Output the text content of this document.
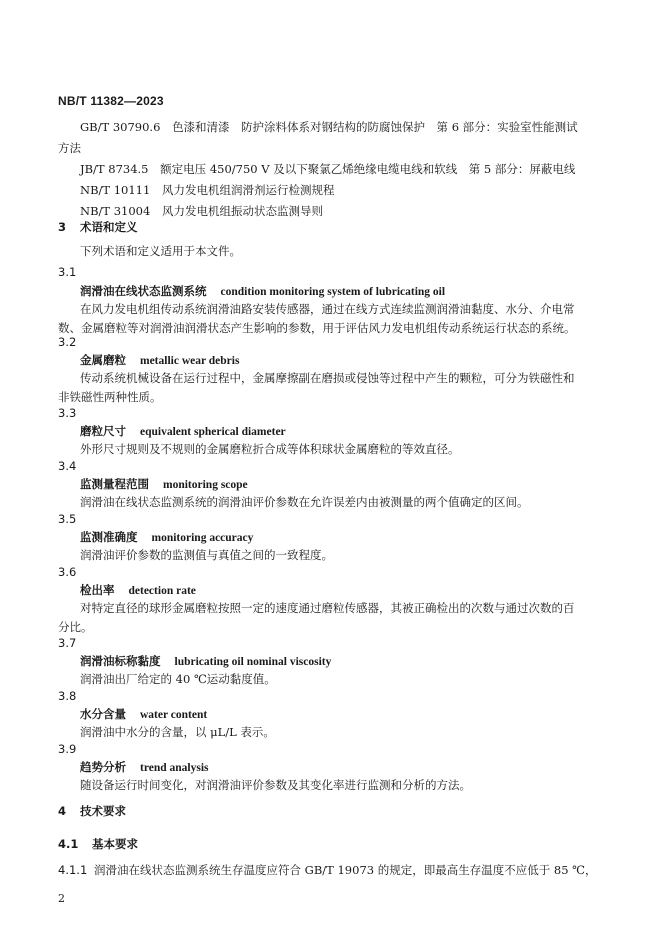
NB/T 11382—2023
GB/T 30790.6 色漆和清漆　防护涂料体系对钢结构的防腐蚀保护　第 6 部分：实验室性能测试
方法
JB/T 8734.5 额定电压 450/750 V 及以下聚氯乙烯绝缘电缆电线和软线　第 5 部分：屏蔽电线
NB/T 10111 风力发电机组润滑剂运行检测规程
NB/T 31004 风力发电机组振动状态监测导则
3 术语和定义
下列术语和定义适用于本文件。
3.1
润滑油在线状态监测系统 condition monitoring system of lubricating oil
在风力发电机组传动系统润滑油路安装传感器，通过在线方式连续监测润滑油黏度、水分、介电常
数、金属磨粒等对润滑油润滑状态产生影响的参数，用于评估风力发电机组传动系统运行状态的系统。
3.2
金属磨粒 metallic wear debris
传动系统机械设备在运行过程中，金属摩擦副在磨损或侵蚀等过程中产生的颗粒，可分为铁磁性和
非铁磁性两种性质。
3.3
磨粒尺寸 equivalent spherical diameter
外形尺寸规则及不规则的金属磨粒折合成等体积球状金属磨粒的等效直径。
3.4
监测量程范围 monitoring scope
润滑油在线状态监测系统的润滑油评价参数在允许误差内由被测量的两个值确定的区间。
3.5
监测准确度 monitoring accuracy
润滑油评价参数的监测值与真值之间的一致程度。
3.6
检出率 detection rate
对特定直径的球形金属磨粒按照一定的速度通过磨粒传感器，其被正确检出的次数与通过次数的百
分比。
3.7
润滑油标称黏度 lubricating oil nominal viscosity
润滑油出厂给定的 40 ℃运动黏度值。
3.8
水分含量 water content
润滑油中水分的含量，以 μL/L 表示。
3.9
趋势分析 trend analysis
随设备运行时间变化，对润滑油评价参数及其变化率进行监测和分析的方法。
4 技术要求
4.1 基本要求
4.1.1 润滑油在线状态监测系统生存温度应符合 GB/T 19073 的规定，即最高生存温度不应低于 85 ℃，
2
